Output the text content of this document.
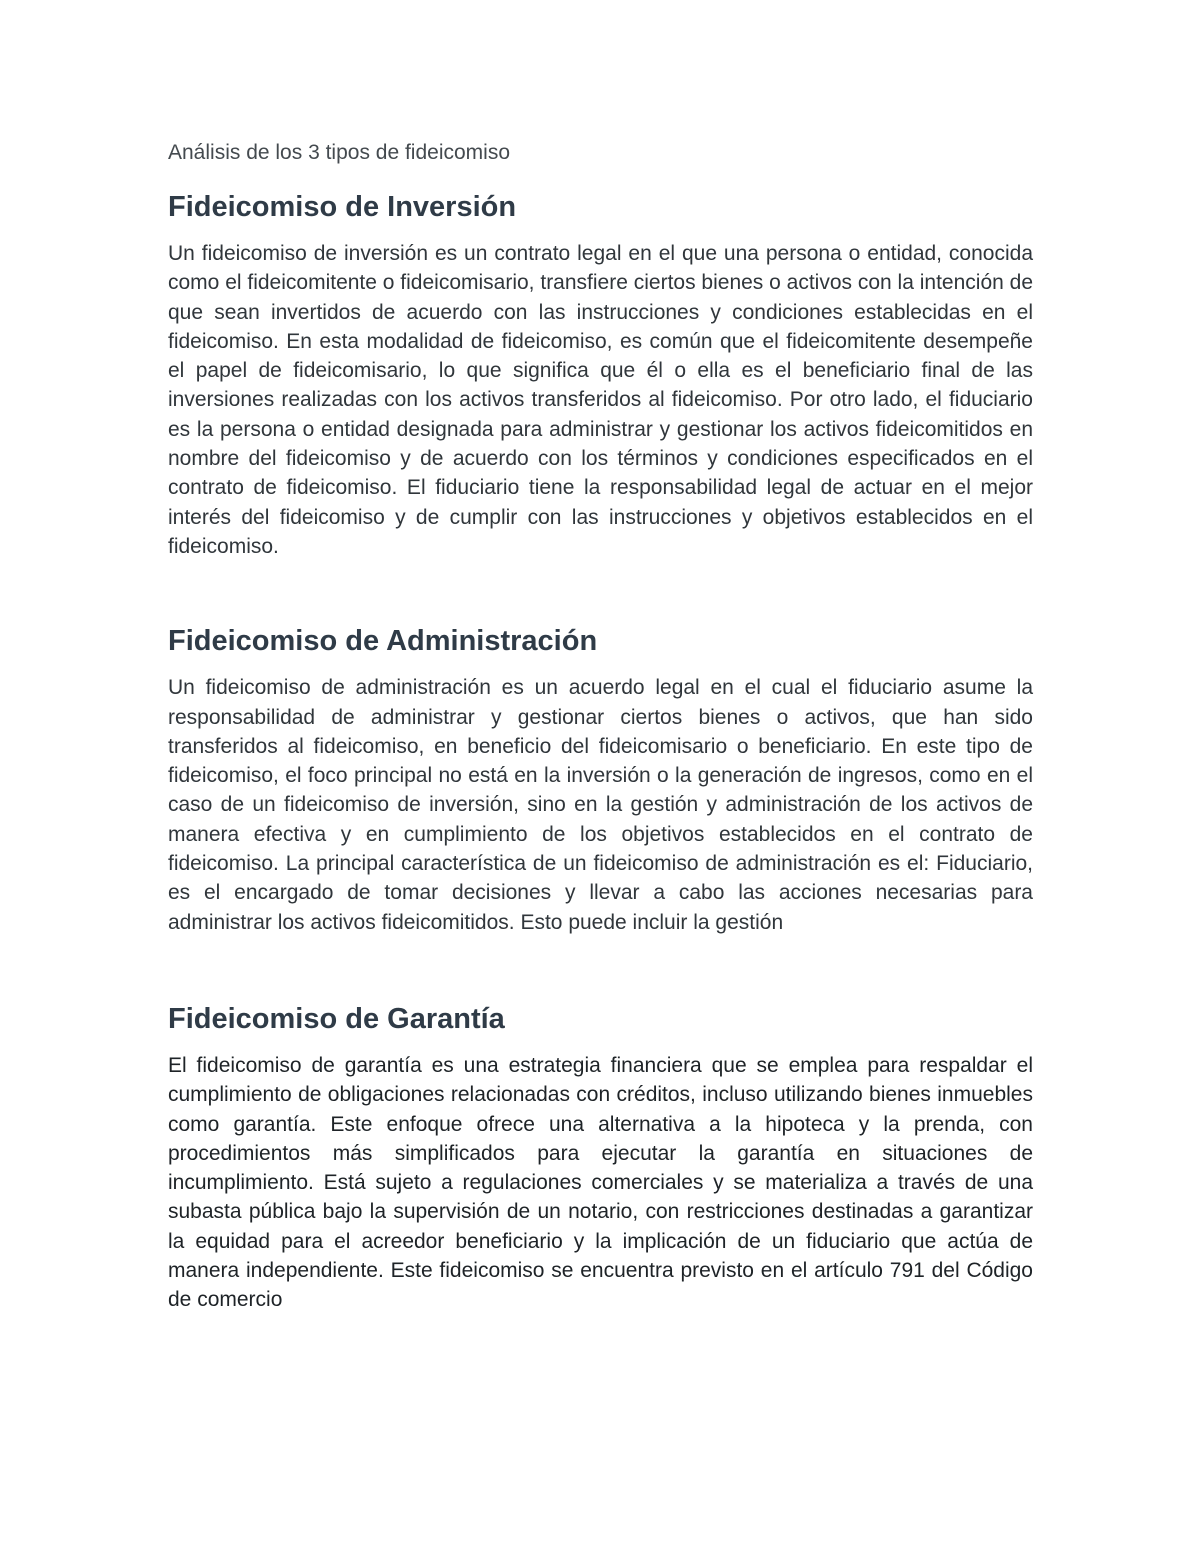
Análisis de los 3 tipos de fideicomiso

Fideicomiso de Inversión

Un fideicomiso de inversión es un contrato legal en el que una persona o entidad, conocida como el fideicomitente o fideicomisario, transfiere ciertos bienes o activos con la intención de que sean invertidos de acuerdo con las instrucciones y condiciones establecidas en el fideicomiso. En esta modalidad de fideicomiso, es común que el fideicomitente desempeñe el papel de fideicomisario, lo que significa que él o ella es el beneficiario final de las inversiones realizadas con los activos transferidos al fideicomiso. Por otro lado, el fiduciario es la persona o entidad designada para administrar y gestionar los activos fideicomitidos en nombre del fideicomiso y de acuerdo con los términos y condiciones especificados en el contrato de fideicomiso. El fiduciario tiene la responsabilidad legal de actuar en el mejor interés del fideicomiso y de cumplir con las instrucciones y objetivos establecidos en el fideicomiso.

Fideicomiso de Administración

Un fideicomiso de administración es un acuerdo legal en el cual el fiduciario asume la responsabilidad de administrar y gestionar ciertos bienes o activos, que han sido transferidos al fideicomiso, en beneficio del fideicomisario o beneficiario. En este tipo de fideicomiso, el foco principal no está en la inversión o la generación de ingresos, como en el caso de un fideicomiso de inversión, sino en la gestión y administración de los activos de manera efectiva y en cumplimiento de los objetivos establecidos en el contrato de fideicomiso. La principal característica de un fideicomiso de administración es el: Fiduciario, es el encargado de tomar decisiones y llevar a cabo las acciones necesarias para administrar los activos fideicomitidos. Esto puede incluir la gestión

Fideicomiso de Garantía

El fideicomiso de garantía es una estrategia financiera que se emplea para respaldar el cumplimiento de obligaciones relacionadas con créditos, incluso utilizando bienes inmuebles como garantía. Este enfoque ofrece una alternativa a la hipoteca y la prenda, con procedimientos más simplificados para ejecutar la garantía en situaciones de incumplimiento. Está sujeto a regulaciones comerciales y se materializa a través de una subasta pública bajo la supervisión de un notario, con restricciones destinadas a garantizar la equidad para el acreedor beneficiario y la implicación de un fiduciario que actúa de manera independiente. Este fideicomiso se encuentra previsto en el artículo 791 del Código de comercio
